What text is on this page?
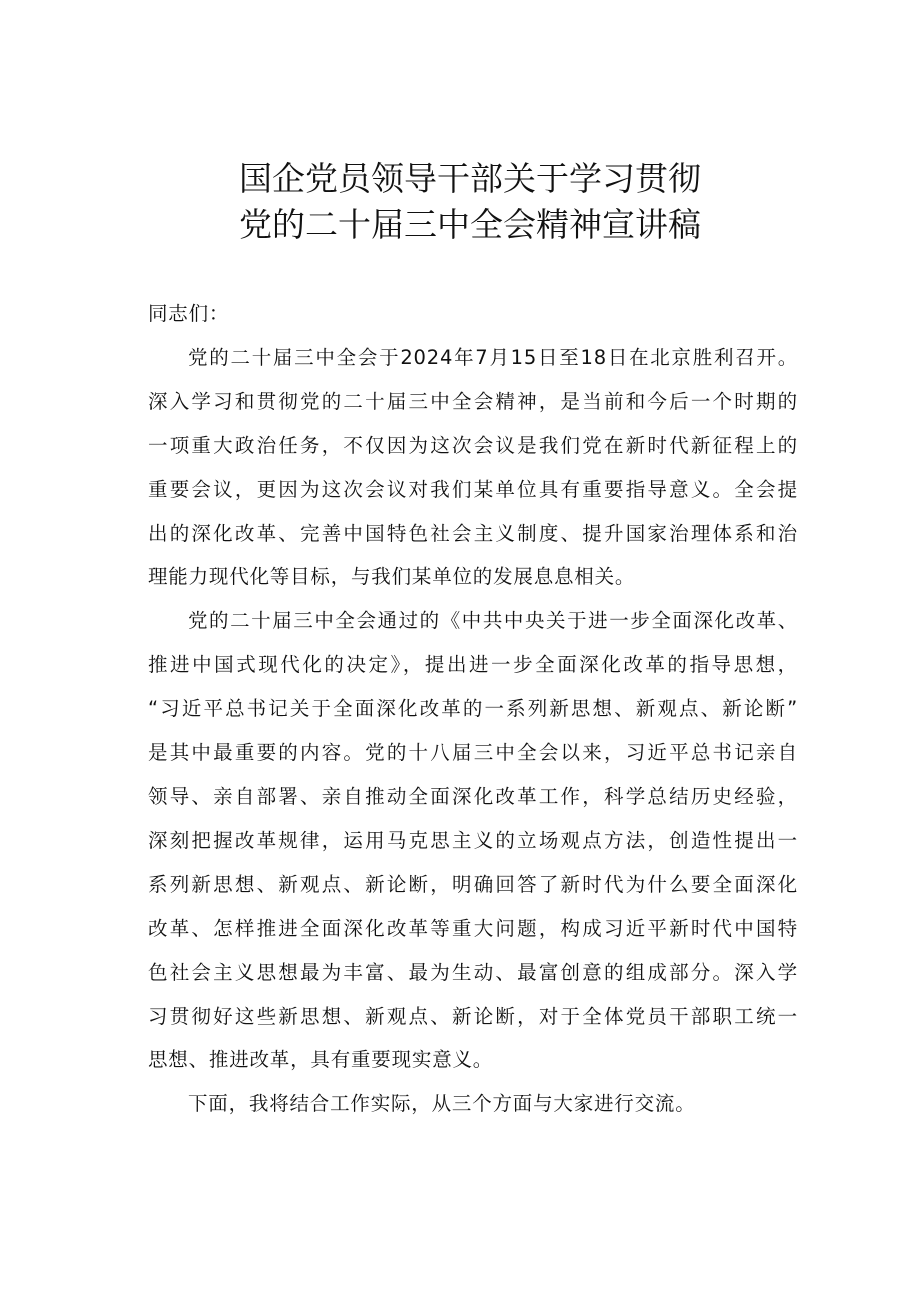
国企党员领导干部关于学习贯彻
党的二十届三中全会精神宣讲稿
同志们：
党的二十届三中全会于2024年7月15日至18日在北京胜利召开。
深入学习和贯彻党的二十届三中全会精神，是当前和今后一个时期的
一项重大政治任务，不仅因为这次会议是我们党在新时代新征程上的
重要会议，更因为这次会议对我们某单位具有重要指导意义。全会提
出的深化改革、完善中国特色社会主义制度、提升国家治理体系和治
理能力现代化等目标，与我们某单位的发展息息相关。
党的二十届三中全会通过的《中共中央关于进一步全面深化改革、
推进中国式现代化的决定》，提出进一步全面深化改革的指导思想，
“习近平总书记关于全面深化改革的一系列新思想、新观点、新论断”
是其中最重要的内容。党的十八届三中全会以来，习近平总书记亲自
领导、亲自部署、亲自推动全面深化改革工作，科学总结历史经验，
深刻把握改革规律，运用马克思主义的立场观点方法，创造性提出一
系列新思想、新观点、新论断，明确回答了新时代为什么要全面深化
改革、怎样推进全面深化改革等重大问题，构成习近平新时代中国特
色社会主义思想最为丰富、最为生动、最富创意的组成部分。深入学
习贯彻好这些新思想、新观点、新论断，对于全体党员干部职工统一
思想、推进改革，具有重要现实意义。
下面，我将结合工作实际，从三个方面与大家进行交流。
